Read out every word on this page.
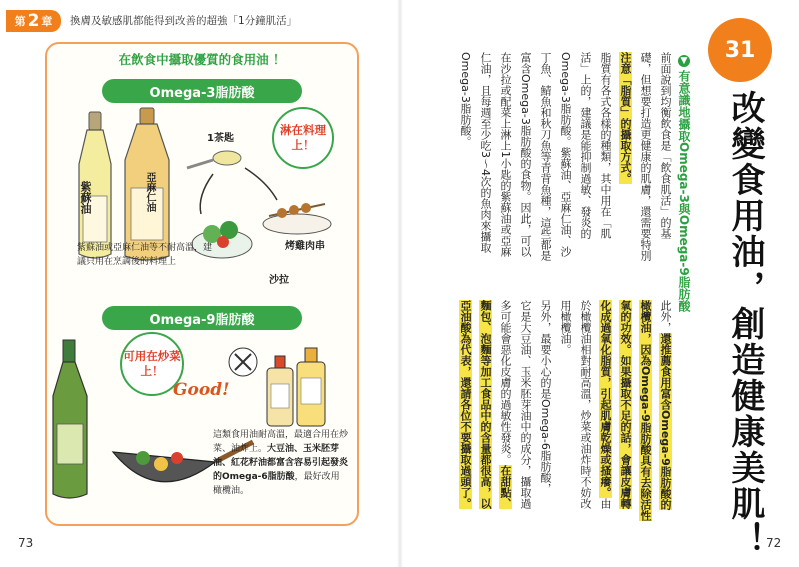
第 2 章 換膚及敏感肌都能得到改善的超強「1分鐘肌活」
在飲食中攝取優質的食用油 ！
Omega-3脂肪酸
紫蘇油	亞麻仁油
1茶匙
淋在料理上！
烤雞肉串
沙拉
紫蘇油或亞麻仁油等不耐高溫，建議只用在烹調後的料理上
Omega-9脂肪酸
可用在炒菜上！
Good!
這類食用油耐高溫，最適合用在炒菜、油炸上。大豆油、玉米胚芽油、紅花籽油都富含容易引起發炎的Omega-6脂肪酸，最好改用橄欖油。
73
31
改變食用油，創造健康美肌！
▼有意識地攝取Omega-3與Omega-9脂肪酸
前面說到均衡飲食是「飲食肌活」的基
礎，但想要打造更健康的肌膚，還需要特別
注意「脂質」的攝取方式。
脂質有各式各樣的種類，其中用在「肌
活」上的，建議是能抑制過敏、發炎的
Omega-3脂肪酸。紫蘇油、亞麻仁油、沙
丁魚、鯖魚和秋刀魚等青背魚種，這些都是
富含Omega-3脂肪酸的食物。因此，可以
在沙拉或配菜上淋上1小匙的紫蘇油或亞麻
仁油，且每週至少吃3～4次的魚肉來攝取
Omega-3脂肪酸。
此外，還推薦食用富含Omega-9脂肪酸的
橄欖油，因為Omega-9脂肪酸具有去除活性
氧的功效。如果攝取不足的話，會讓皮膚轉
化成過氧化脂質，引起肌膚乾燥或搔癢。由
於橄欖油相對耐高溫，炒菜或油炸時不妨改
用橄欖油。
另外，最要小心的是Omega-6脂肪酸，
它是大豆油、玉米胚芽油中的成分，攝取過
多可能會惡化皮膚的過敏性發炎。在甜點、
麵包、泡麵等加工食品中的含量都很高，以
亞油酸為代表，還請各位不要攝取過頭了。
72
